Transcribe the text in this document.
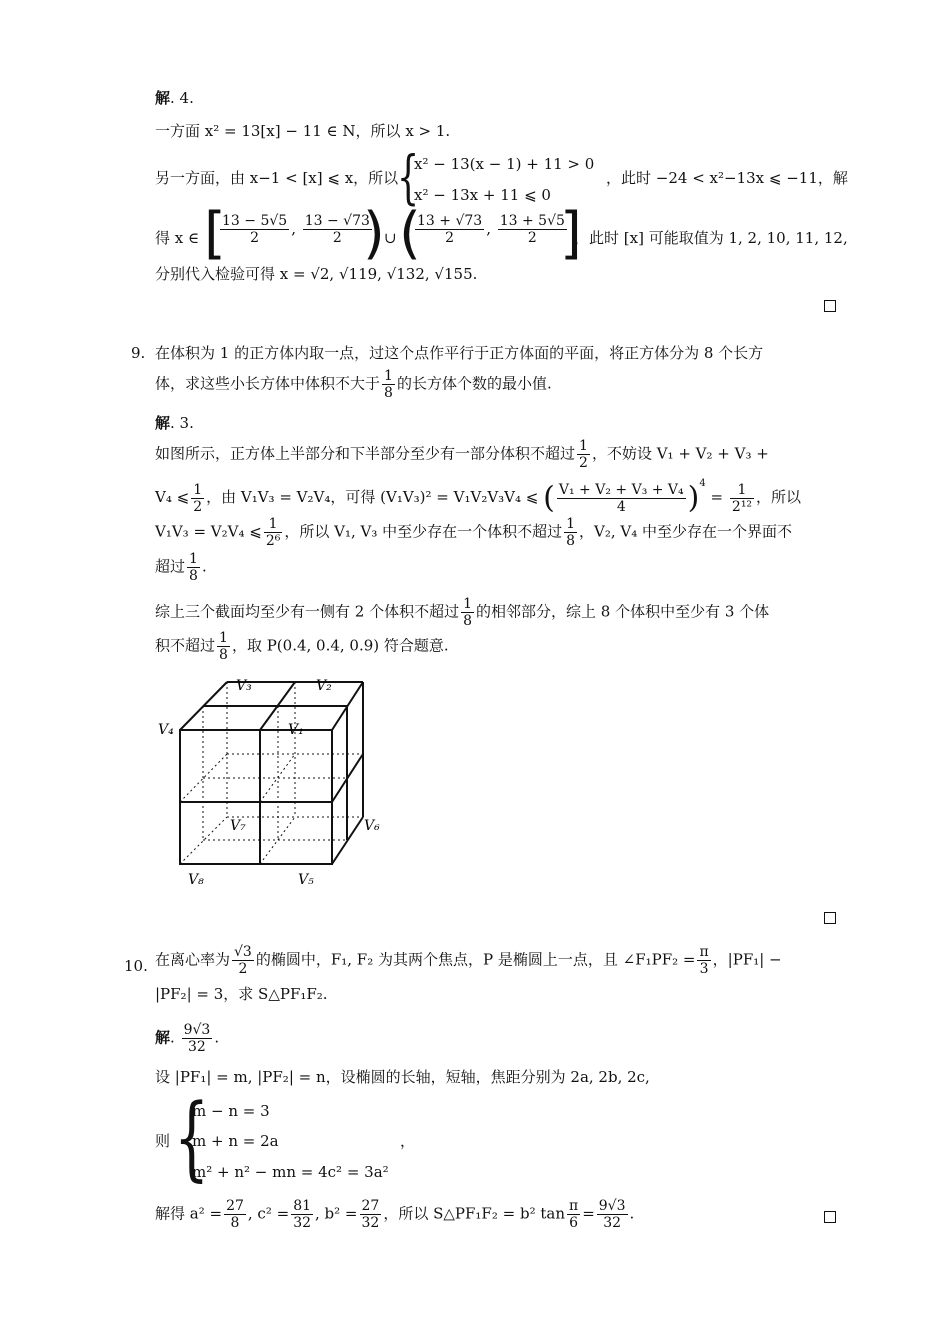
解. 4.
一方面 x² = 13[x] − 11 ∈ N，所以 x > 1.
另一方面，由 x−1 < [x] ⩽ x，所以
{
x² − 13(x − 1) + 11 > 0
x² − 13x + 11 ⩽ 0
，此时 −24 < x²−13x ⩽ −11，解
得 x ∈ [
$\frac{13 - 5√5}{2}$ , $\frac{13 - √73}{2}$
) ∪ (
$\frac{13 + √73}{2}$ , $\frac{13 + 5√5}{2}$
]
，此时 [x] 可能取值为 1, 2, 10, 11, 12,
分别代入检验可得 x = √2, √119, √132, √155.
9. 在体积为 1 的正方体内取一点，过这个点作平行于正方体面的平面，将正方体分为 8 个长方
体，求这些小长方体中体积不大于 $\frac{1}{8}$ 的长方体个数的最小值.
解. 3.
如图所示，正方体上半部分和下半部分至少有一部分体积不超过 $\frac{1}{2}$ ，不妨设 V₁ + V₂ + V₃ +
V₄ ⩽ $\frac{1}{2}$ ，由 V₁V₃ = V₂V₄，可得 (V₁V₃)² = V₁V₂V₃V₄ ⩽ ( $\frac{\text{V₁ + V₂ + V₃ + V₄}}{4} )^4 = \frac{1}{\text{2¹²}}$ ，所以
V₁V₃ = V₂V₄ ⩽ $\frac{1}{\text{2⁶}}$ ，所以 V₁, V₃ 中至少存在一个体积不超过 $\frac{1}{8}$ ，V₂, V₄ 中至少存在一个界面不
超过 $\frac{1}{8}$ .
综上三个截面均至少有一侧有 2 个体积不超过 $\frac{1}{8}$ 的相邻部分，综上 8 个体积中至少有 3 个体
积不超过 $\frac{1}{8}$ ，取 P(0.4, 0.4, 0.9) 符合题意.
V₃	V₂
V₄	V₁
V₇	V₆
V₈	V₅
10. 在离心率为 $\frac{√3}{2}$ 的椭圆中，F₁, F₂ 为其两个焦点，P 是椭圆上一点，且 ∠F₁PF₂ = $\frac{\pi}{3}$ ，|PF₁| −
|PF₂| = 3，求 S△PF₁F₂.
解. $\frac{9√3}{32}$ .
设 |PF₁| = m, |PF₂| = n，设椭圆的长轴，短轴，焦距分别为 2a, 2b, 2c,
则 {
m − n = 3
m + n = 2a
m² + n² − mn = 4c² = 3a²
，
解得 $a^2 = \frac{27}{8}$ , $c^2 = \frac{81}{32}$ , $b^2 = \frac{27}{32}$ ，所以 S△PF₁F₂ = b² $\tan \frac{\pi}{6} = \frac{9√3}{32}$ .
